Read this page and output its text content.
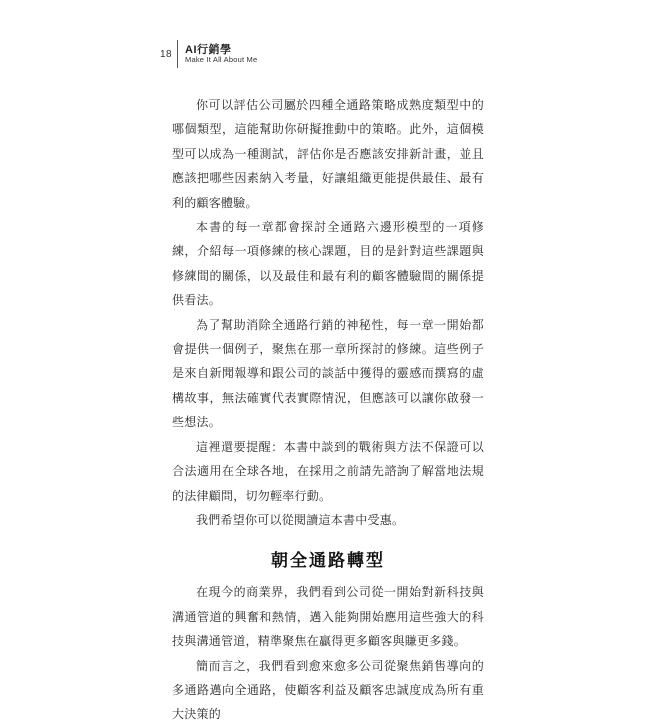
18 AI行銷學
Make It All About Me

你可以評估公司屬於四種全通路策略成熟度類型中的哪個類型，這能幫助你研擬推動中的策略。此外，這個模型可以成為一種測試，評估你是否應該安排新計畫，並且應該把哪些因素納入考量，好讓組織更能提供最佳、最有利的顧客體驗。

本書的每一章都會探討全通路六邊形模型的一項修練，介紹每一項修練的核心課題，目的是針對這些課題與修練間的關係，以及最佳和最有利的顧客體驗間的關係提供看法。

為了幫助消除全通路行銷的神秘性，每一章一開始都會提供一個例子，聚焦在那一章所探討的修練。這些例子是來自新聞報導和跟公司的談話中獲得的靈感而撰寫的虛構故事，無法確實代表實際情況，但應該可以讓你啟發一些想法。

這裡還要提醒：本書中談到的戰術與方法不保證可以合法適用在全球各地，在採用之前請先諮詢了解當地法規的法律顧問，切勿輕率行動。

我們希望你可以從閱讀這本書中受惠。

朝全通路轉型

在現今的商業界，我們看到公司從一開始對新科技與溝通管道的興奮和熱情，邁入能夠開始應用這些強大的科技與溝通管道，精準聚焦在贏得更多顧客與賺更多錢。

簡而言之，我們看到愈來愈多公司從聚焦銷售導向的多通路邁向全通路，使顧客利益及顧客忠誠度成為所有重大決策的
